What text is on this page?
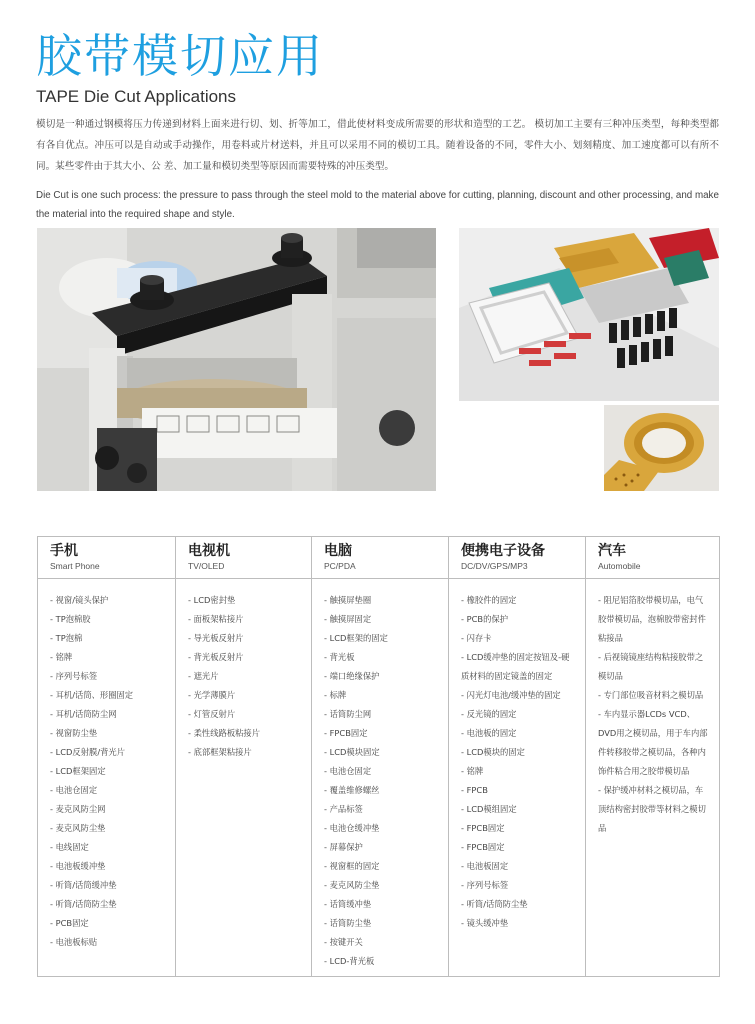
胶带模切应用
TAPE Die Cut Applications

模切是一种通过钢模将压力传递到材料上面来进行切、划、折等加工，借此使材料变成所需要的形状和造型的工艺。 模切加工主要有三种冲压类型，每种类型都有各自优点。冲压可以是自动或手动操作，用卷料或片材送料，并且可以采用不同的模切工具。随着设备的不同，零件大小、划刻精度、加工速度都可以有所不同。某些零件由于其大小、公 差、加工量和模切类型等原因而需要特殊的冲压类型。

Die Cut is one such process: the pressure to pass through the steel mold to the material above for cutting, planning, discount and other processing, and make the material into the required shape and style.

手机
Smart Phone
- 视窗/镜头保护
- TP泡棉胶
- TP泡棉
- 铭牌
- 序列号标签
- 耳机/话筒、形圈固定
- 耳机/话筒防尘网
- 视窗防尘垫
- LCD反射膜/背光片
- LCD框架固定
- 电池仓固定
- 麦克风防尘网
- 麦克风防尘垫
- 电线固定
- 电池板缓冲垫
- 听筒/话筒缓冲垫
- 听筒/话筒防尘垫
- PCB固定
- 电池板标贴
电视机
TV/OLED
- LCD密封垫
- 面板架粘接片
- 导光板反射片
- 背光板反射片
- 遮光片
- 光学薄膜片
- 灯管反射片
- 柔性线路板粘接片
- 底部框架粘接片
电脑
PC/PDA
- 触摸屏垫圈
- 触摸屏固定
- LCD框架的固定
- 背光板
- 端口绝缘保护
- 标牌
- 话筒防尘网
- FPCB固定
- LCD模块固定
- 电池仓固定
- 覆盖维修螺丝
- 产品标签
- 电池仓缓冲垫
- 屏幕保护
- 视窗框的固定
- 麦克风防尘垫
- 话筒缓冲垫
- 话筒防尘垫
- 按键开关
- LCD-背光板
便携电子设备
DC/DV/GPS/MP3
- 橡胶件的固定
- PCB的保护
- 闪存卡
- LCD缓冲垫的固定按钮及-硬质材料的固定镜盖的固定
- 闪光灯电池/缓冲垫的固定
- 反光镜的固定
- 电池板的固定
- LCD模块的固定
- 铭牌
- FPCB
- LCD模组固定
- FPCB固定
- FPCB固定
- 电池板固定
- 序列号标签
- 听筒/话筒防尘垫
- 镜头缓冲垫
汽车
Automobile
- 阻尼铝箔胶带模切品，电气胶带模切品，泡棉胶带密封件粘接品
- 后视镜镜座结构粘接胶带之模切品
- 专门部位吸音材料之模切品
- 车内显示器LCDs VCD、DVD用之模切品，用于车内部件转移胶带之模切品，各种内饰件粘合用之胶带模切品
- 保护缓冲材料之模切品，车顶结构密封胶带等材料之模切品
